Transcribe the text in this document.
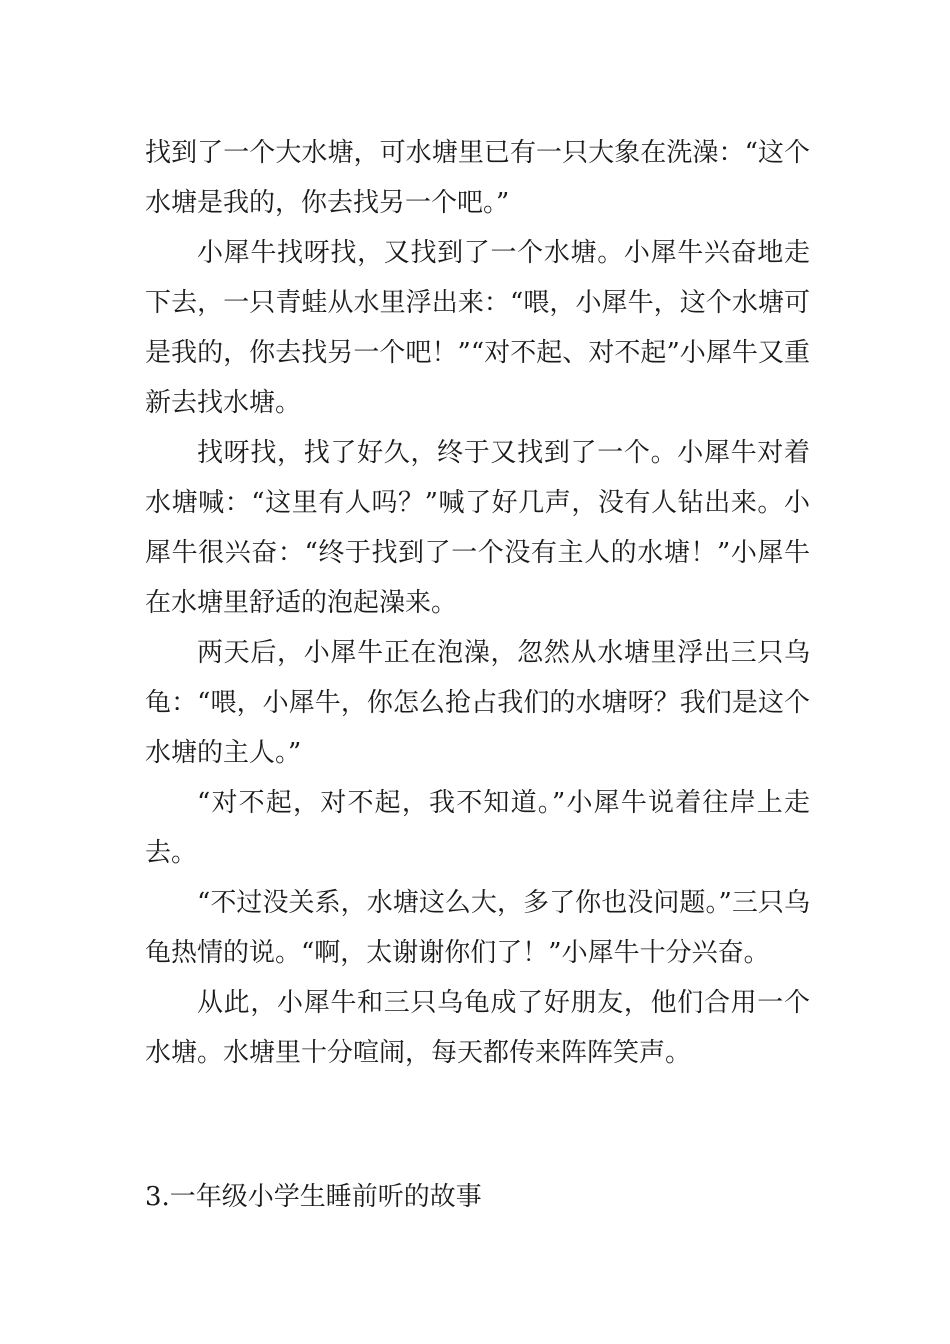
找到了一个大水塘，可水塘里已有一只大象在洗澡：“这个水塘是我的，你去找另一个吧。”

小犀牛找呀找，又找到了一个水塘。小犀牛兴奋地走下去，一只青蛙从水里浮出来：“喂，小犀牛，这个水塘可是我的，你去找另一个吧！”“对不起、对不起”小犀牛又重新去找水塘。

找呀找，找了好久，终于又找到了一个。小犀牛对着水塘喊：“这里有人吗？”喊了好几声，没有人钻出来。小犀牛很兴奋：“终于找到了一个没有主人的水塘！”小犀牛在水塘里舒适的泡起澡来。

两天后，小犀牛正在泡澡，忽然从水塘里浮出三只乌龟：“喂，小犀牛，你怎么抢占我们的水塘呀？我们是这个水塘的主人。”

“对不起，对不起，我不知道。”小犀牛说着往岸上走去。

“不过没关系，水塘这么大，多了你也没问题。”三只乌龟热情的说。“啊，太谢谢你们了！”小犀牛十分兴奋。

从此，小犀牛和三只乌龟成了好朋友，他们合用一个水塘。水塘里十分喧闹，每天都传来阵阵笑声。

3.一年级小学生睡前听的故事
